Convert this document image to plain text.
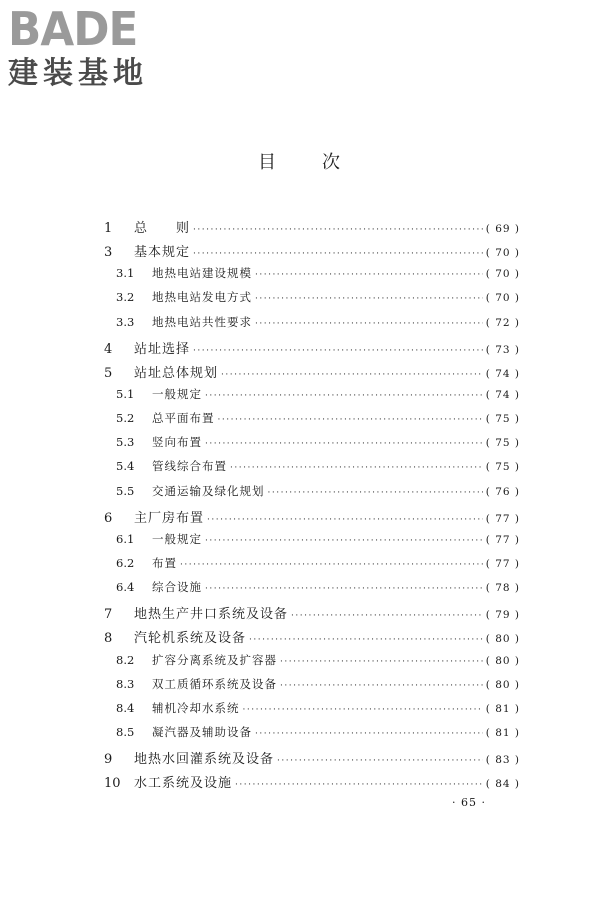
BADE
建装基地
目 次
1	总　　则 ·····	( 69 )
3	基本规定 ·····	( 70 )
3.1	地热电站建设规模 ·····	( 70 )
3.2	地热电站发电方式 ·····	( 70 )
3.3	地热电站共性要求 ·····	( 72 )
4	站址选择 ·····	( 73 )
5	站址总体规划 ·····	( 74 )
5.1	一般规定 ·····	( 74 )
5.2	总平面布置 ·····	( 75 )
5.3	竖向布置 ·····	( 75 )
5.4	管线综合布置 ·····	( 75 )
5.5	交通运输及绿化规划 ·····	( 76 )
6	主厂房布置 ·····	( 77 )
6.1	一般规定 ·····	( 77 )
6.2	布置 ·····	( 77 )
6.4	综合设施 ·····	( 78 )
7	地热生产井口系统及设备 ·····	( 79 )
8	汽轮机系统及设备 ·····	( 80 )
8.2	扩容分离系统及扩容器 ·····	( 80 )
8.3	双工质循环系统及设备 ·····	( 80 )
8.4	辅机冷却水系统 ·····	( 81 )
8.5	凝汽器及辅助设备 ·····	( 81 )
9	地热水回灌系统及设备 ·····	( 83 )
10	水工系统及设施 ·····	( 84 )
· 65 ·
